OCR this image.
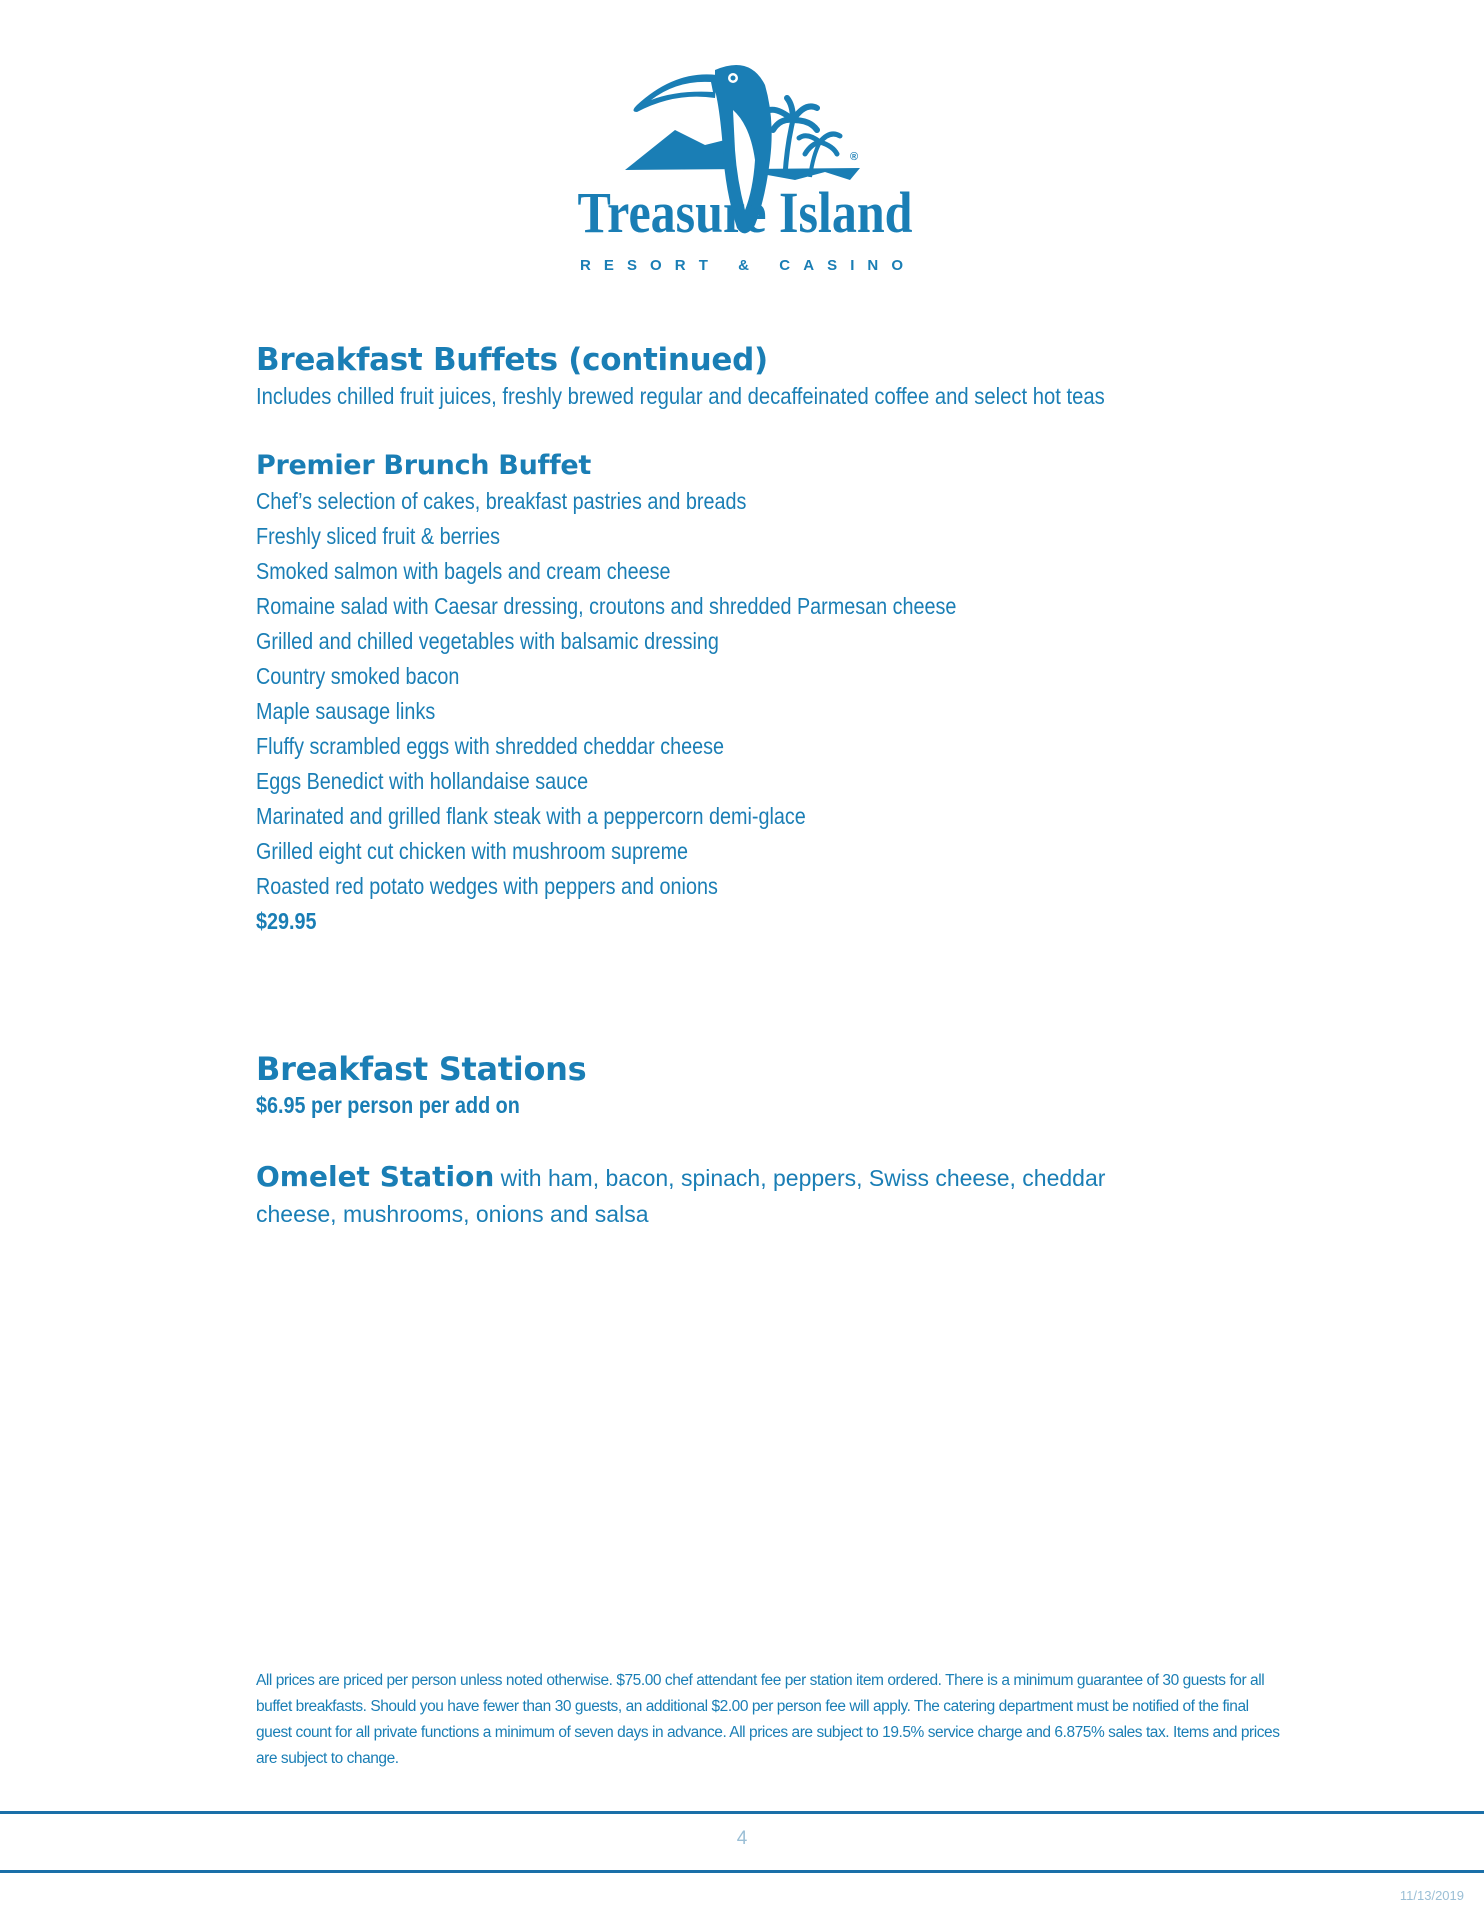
®
Treasure Island
RESORT & CASINO
Breakfast Buffets (continued)

Includes chilled fruit juices, freshly brewed regular and decaffeinated coffee and select hot teas

Premier Brunch Buffet
Chef’s selection of cakes, breakfast pastries and breads
Freshly sliced fruit & berries
Smoked salmon with bagels and cream cheese
Romaine salad with Caesar dressing, croutons and shredded Parmesan cheese
Grilled and chilled vegetables with balsamic dressing
Country smoked bacon
Maple sausage links
Fluffy scrambled eggs with shredded cheddar cheese
Eggs Benedict with hollandaise sauce
Marinated and grilled flank steak with a peppercorn demi-glace
Grilled eight cut chicken with mushroom supreme
Roasted red potato wedges with peppers and onions
$29.95
Breakfast Stations
$6.95 per person per add on
Omelet Station with ham, bacon, spinach, peppers, Swiss cheese, cheddar cheese, mushrooms, onions and salsa
All prices are priced per person unless noted otherwise. $75.00 chef attendant fee per station item ordered. There is a minimum guarantee of 30 guests for all buffet breakfasts. Should you have fewer than 30 guests, an additional $2.00 per person fee will apply. The catering department must be notified of the final guest count for all private functions a minimum of seven days in advance. All prices are subject to 19.5% service charge and 6.875% sales tax. Items and prices are subject to change.
4
11/13/2019
